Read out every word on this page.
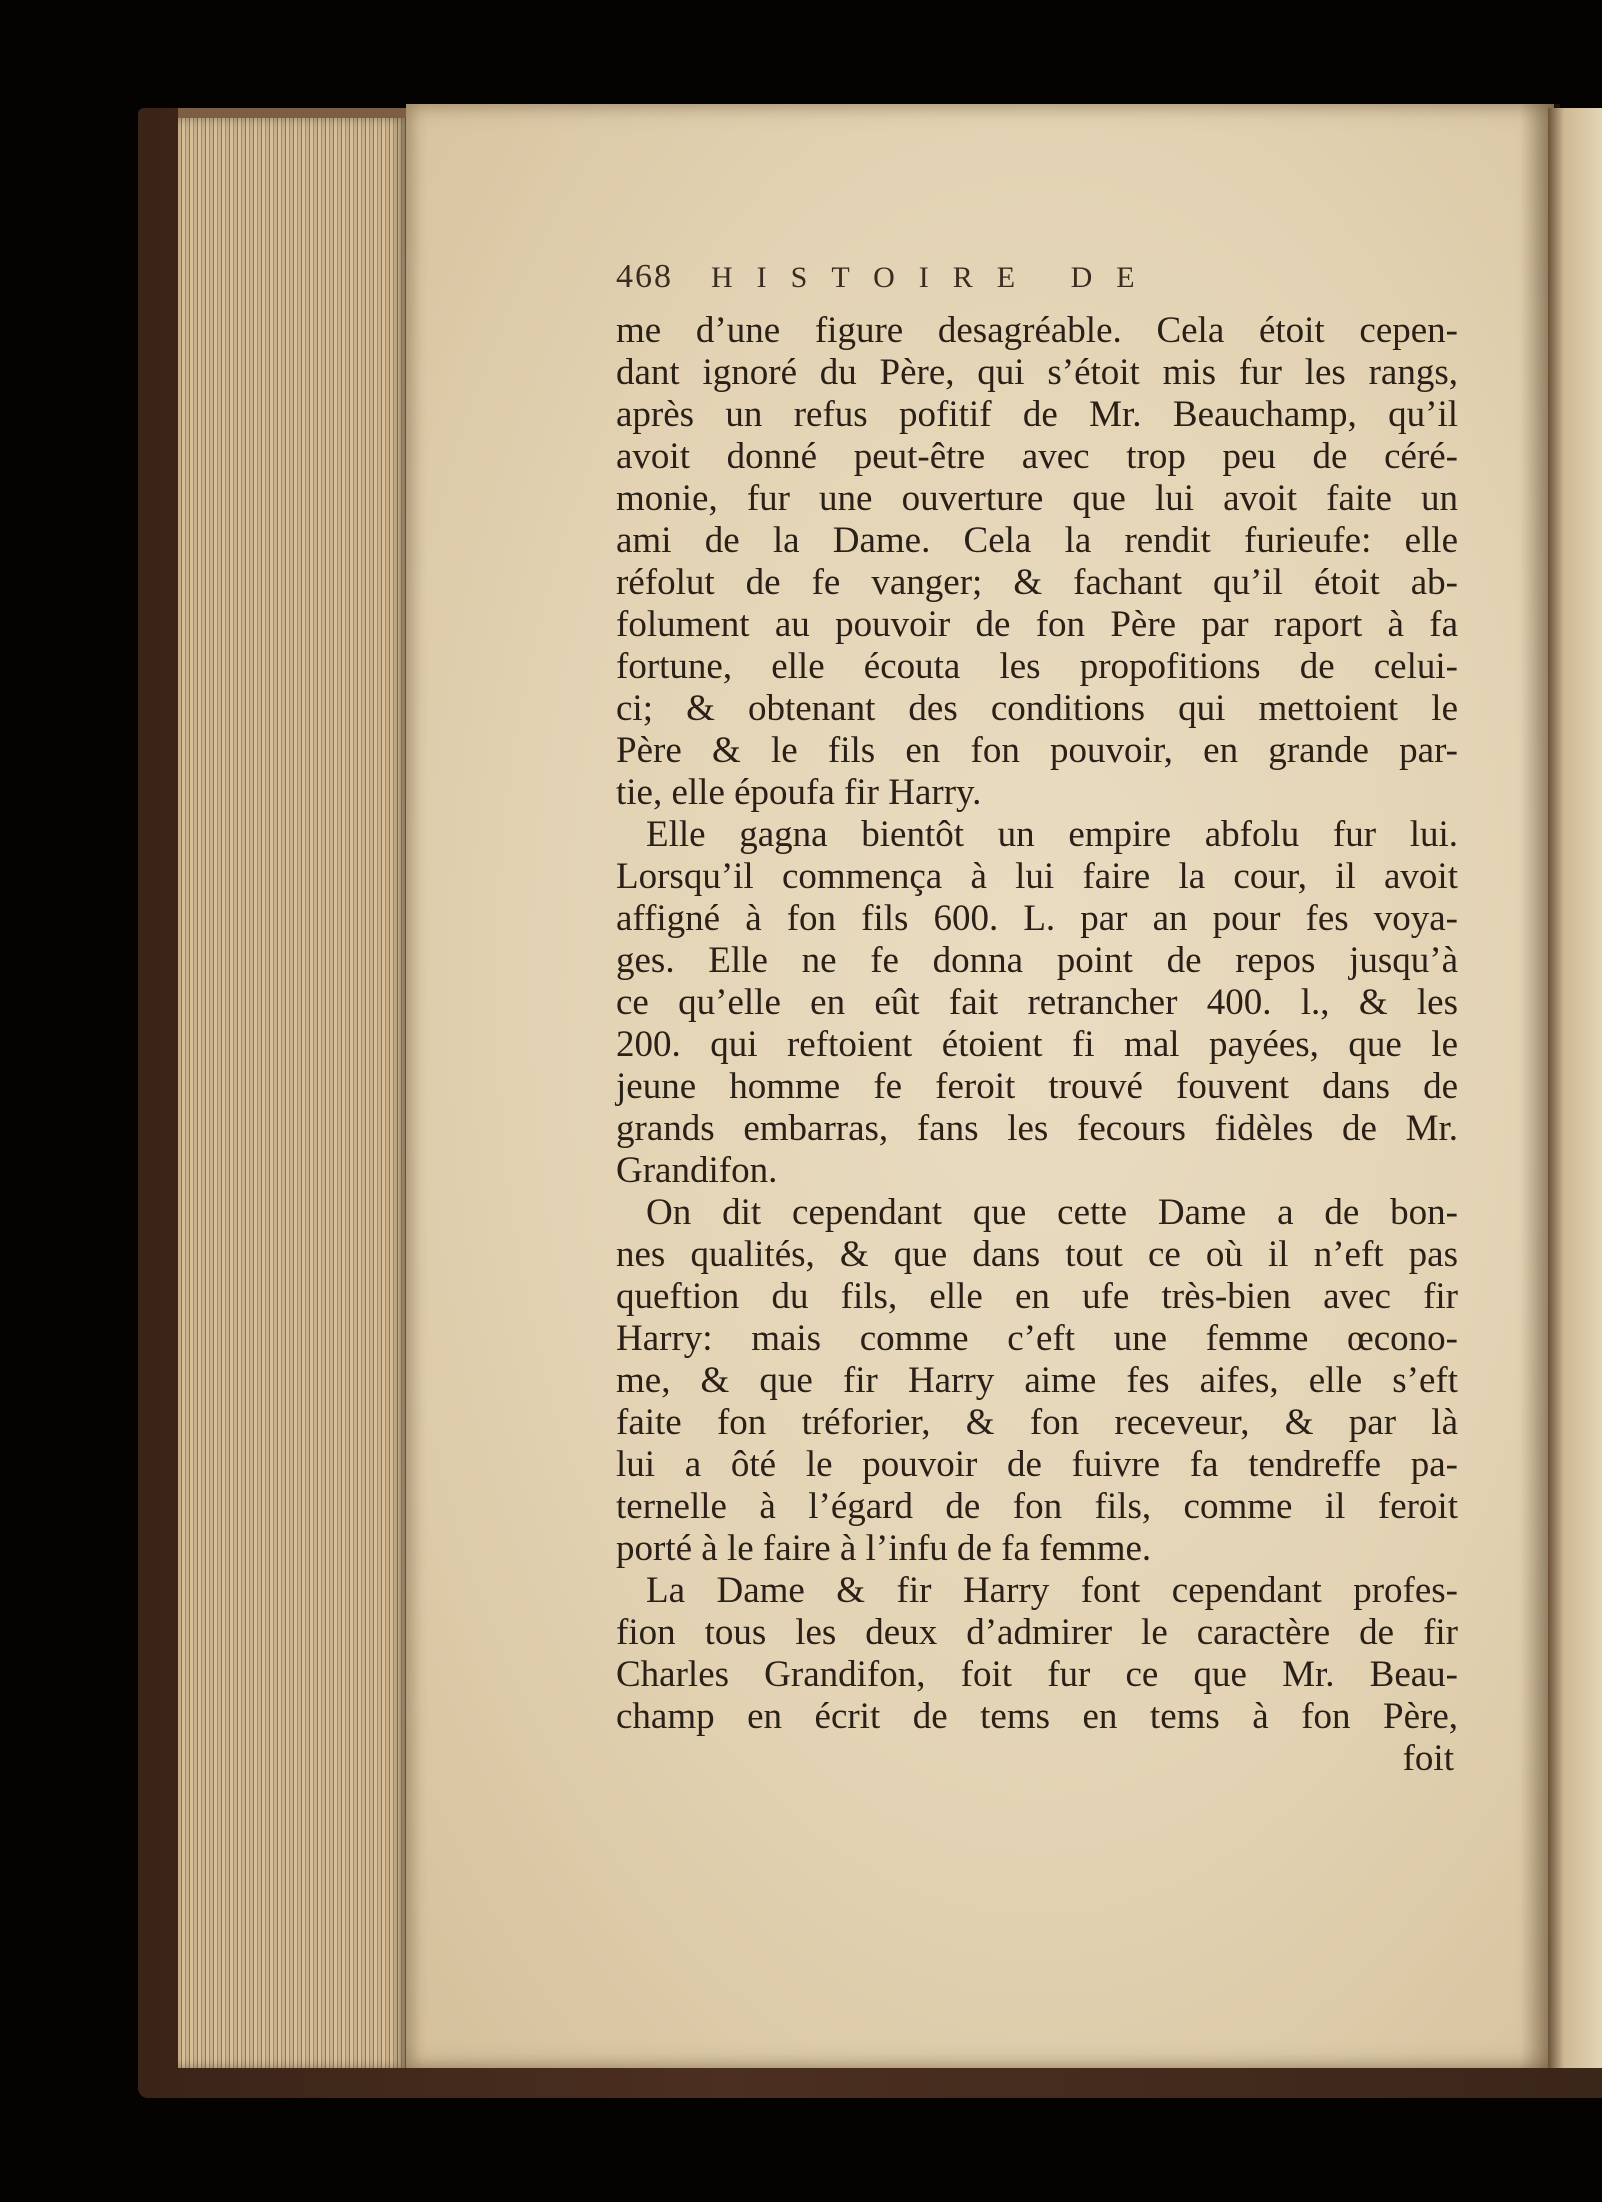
468 HISTOIRE DE
me d’une figure desagréable. Cela étoit cepen-
dant ignoré du Père, qui s’étoit mis fur les rangs,
après un refus pofitif de Mr. Beauchamp, qu’il
avoit donné peut-être avec trop peu de céré-
monie, fur une ouverture que lui avoit faite un
ami de la Dame. Cela la rendit furieufe: elle
réfolut de fe vanger; & fachant qu’il étoit ab-
folument au pouvoir de fon Père par raport à fa
fortune, elle écouta les propofitions de celui-
ci; & obtenant des conditions qui mettoient le
Père & le fils en fon pouvoir, en grande par-
tie, elle époufa fir Harry.
Elle gagna bientôt un empire abfolu fur lui.
Lorsqu’il commença à lui faire la cour, il avoit
affigné à fon fils 600. L. par an pour fes voya-
ges. Elle ne fe donna point de repos jusqu’à
ce qu’elle en eût fait retrancher 400. l., & les
200. qui reftoient étoient fi mal payées, que le
jeune homme fe feroit trouvé fouvent dans de
grands embarras, fans les fecours fidèles de Mr.
Grandifon.
On dit cependant que cette Dame a de bon-
nes qualités, & que dans tout ce où il n’eft pas
queftion du fils, elle en ufe très-bien avec fir
Harry: mais comme c’eft une femme œcono-
me, & que fir Harry aime fes aifes, elle s’eft
faite fon tréforier, & fon receveur, & par là
lui a ôté le pouvoir de fuivre fa tendreffe pa-
ternelle à l’égard de fon fils, comme il feroit
porté à le faire à l’infu de fa femme.
La Dame & fir Harry font cependant profes-
fion tous les deux d’admirer le caractère de fir
Charles Grandifon, foit fur ce que Mr. Beau-
champ en écrit de tems en tems à fon Père,
foit
